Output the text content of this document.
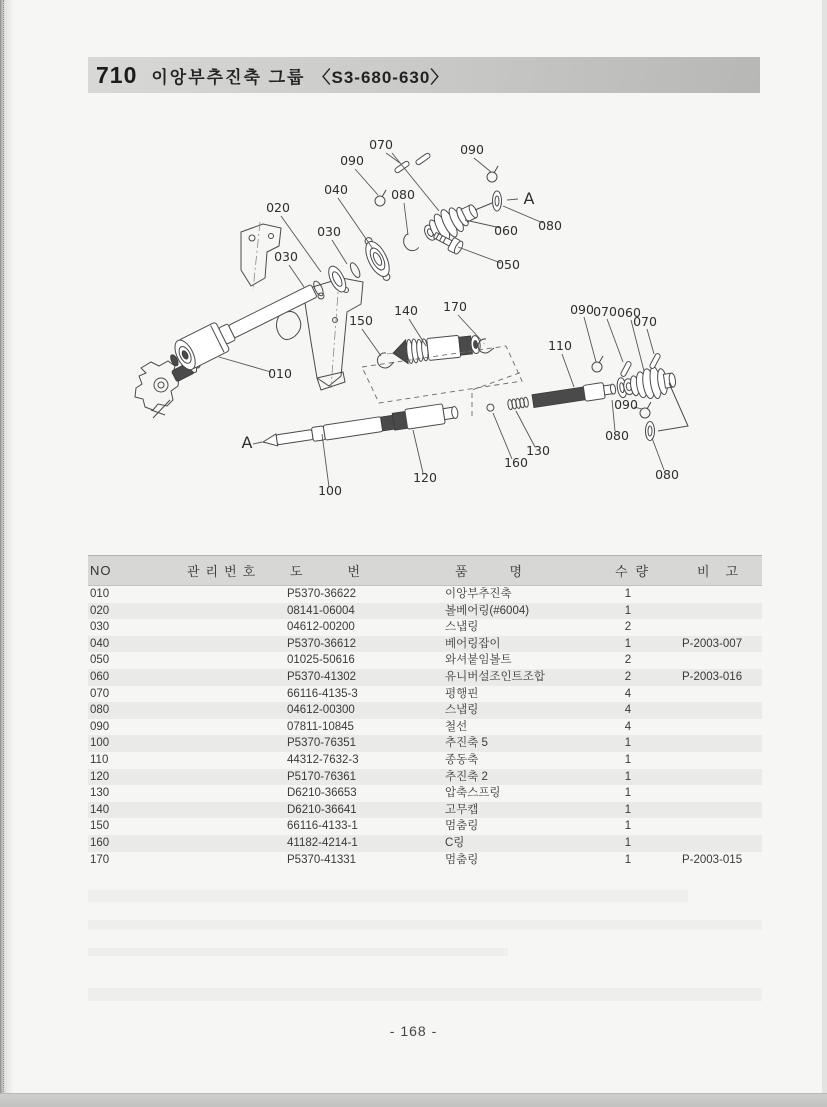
710 이앙부추진축 그룹 〈S3-680-630〉
070	090
090
040	080	A
020
080
060
030
030
050
140 170
150
090 070 060
070
110
010
090
080
A	130
160
080
120
100
NO	관리번호	도번	품명	수량	비고
010		P5370-36622	이앙부추진축	1	
020		08141-06004	볼베어링(#6004)	1	
030		04612-00200	스냅링	2	
040		P5370-36612	베어링잡이	1	P-2003-007
050		01025-50616	와셔붙임볼트	2	
060		P5370-41302	유니버설조인트조합	2	P-2003-016
070		66116-4135-3	평행핀	4	
080		04612-00300	스냅링	4	
090		07811-10845	철선	4	
100		P5370-76351	추진축 5	1	
110		44312-7632-3	종동축	1	
120		P5170-76361	추진축 2	1	
130		D6210-36653	압축스프링	1	
140		D6210-36641	고무캡	1	
150		66116-4133-1	멈춤링	1	
160		41182-4214-1	C링	1	
170		P5370-41331	멈춤링	1	P-2003-015
- 168 -
